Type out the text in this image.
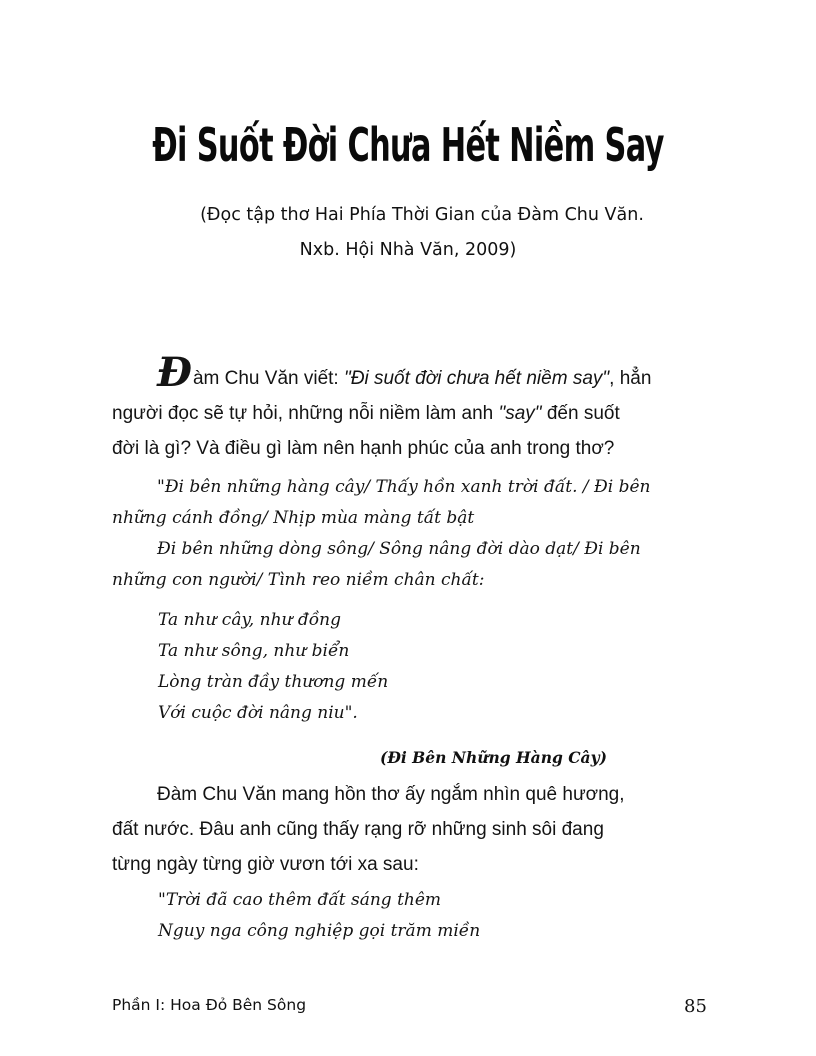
Đi Suốt Đời Chưa Hết Niềm Say
(Đọc tập thơ Hai Phía Thời Gian của Đàm Chu Văn.
Nxb. Hội Nhà Văn, 2009)
Đàm Chu Văn viết: "Đi suốt đời chưa hết niềm say", hẳn
người đọc sẽ tự hỏi, những nỗi niềm làm anh "say" đến suốt
đời là gì? Và điều gì làm nên hạnh phúc của anh trong thơ?
"Đi bên những hàng cây/ Thấy hồn xanh trời đất. / Đi bên
những cánh đồng/ Nhịp mùa màng tất bật
Đi bên những dòng sông/ Sông nâng đời dào dạt/ Đi bên
những con người/ Tình reo niềm chân chất:
Ta như cây, như đồng
Ta như sông, như biển
Lòng tràn đầy thương mến
Với cuộc đời nâng niu".
(Đi Bên Những Hàng Cây)
Đàm Chu Văn mang hồn thơ ấy ngắm nhìn quê hương,
đất nước. Đâu anh cũng thấy rạng rỡ những sinh sôi đang
từng ngày từng giờ vươn tới xa sau:
"Trời đã cao thêm đất sáng thêm
Nguy nga công nghiệp gọi trăm miền
Phần I: Hoa Đỏ Bên Sông	85
